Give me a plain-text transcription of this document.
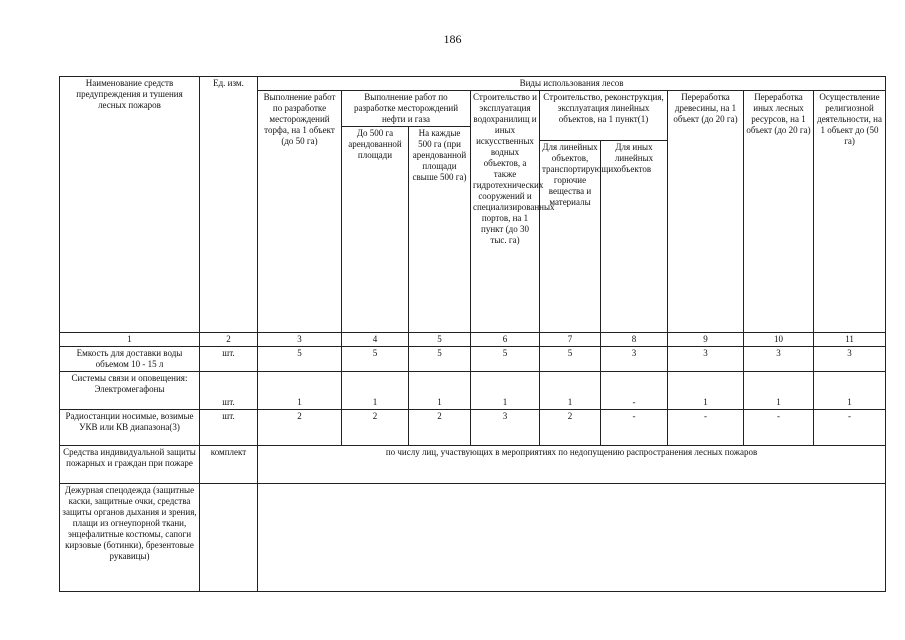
186
Наименование средств предупреждения и тушения лесных пожаров	Ед. изм.	Виды использования лесов								
		Выполнение работ по разработке месторождений торфа, на 1 объект (до 50 га)	Выполнение работ по разработке месторождений нефти и газа		Строительство и эксплуатация водохранилищ и иных искусственных водных объектов, а также гидротехнических сооружений и специализированных портов, на 1 пункт (до 30 тыс. га)	Строительство, реконструкция, эксплуатация линейных объектов, на 1 пункт(1)		Переработка древесины, на 1 объект (до 20 га)	Переработка иных лесных ресурсов, на 1 объект (до 20 га)	Осуществление религиозной деятельности, на 1 объект до (50 га)
			До 500 га арендованной площади	На каждые 500 га (при арендованной площади свыше 500 га)						
						Для линейных объектов, транспортирующих горючие вещества и материалы	Для иных линейных объектов			
1	2	3	4	5	6	7	8	9	10	11
Емкость для доставки воды объемом 10 - 15 л	шт.	5	5	5	5	5	3	3	3	3

Системы связи и оповещения:
Электромегафоны	шт.	1	1	1	1	1	-	1	1	1
Радиостанции носимые, возимые УКВ или КВ диапазона(3)	шт.	2	2	2	3	2	-	-	-	-
Средства индивидуальной защиты пожарных и граждан при пожаре	комплект	по числу лиц, участвующих в мероприятиях по недопущению распространения лесных пожаров								
Дежурная спецодежда (защитные каски, защитные очки, средства защиты органов дыхания и зрения, плащи из огнеупорной ткани, энцефалитные костюмы, сапоги кирзовые (ботинки), брезентовые рукавицы)										
